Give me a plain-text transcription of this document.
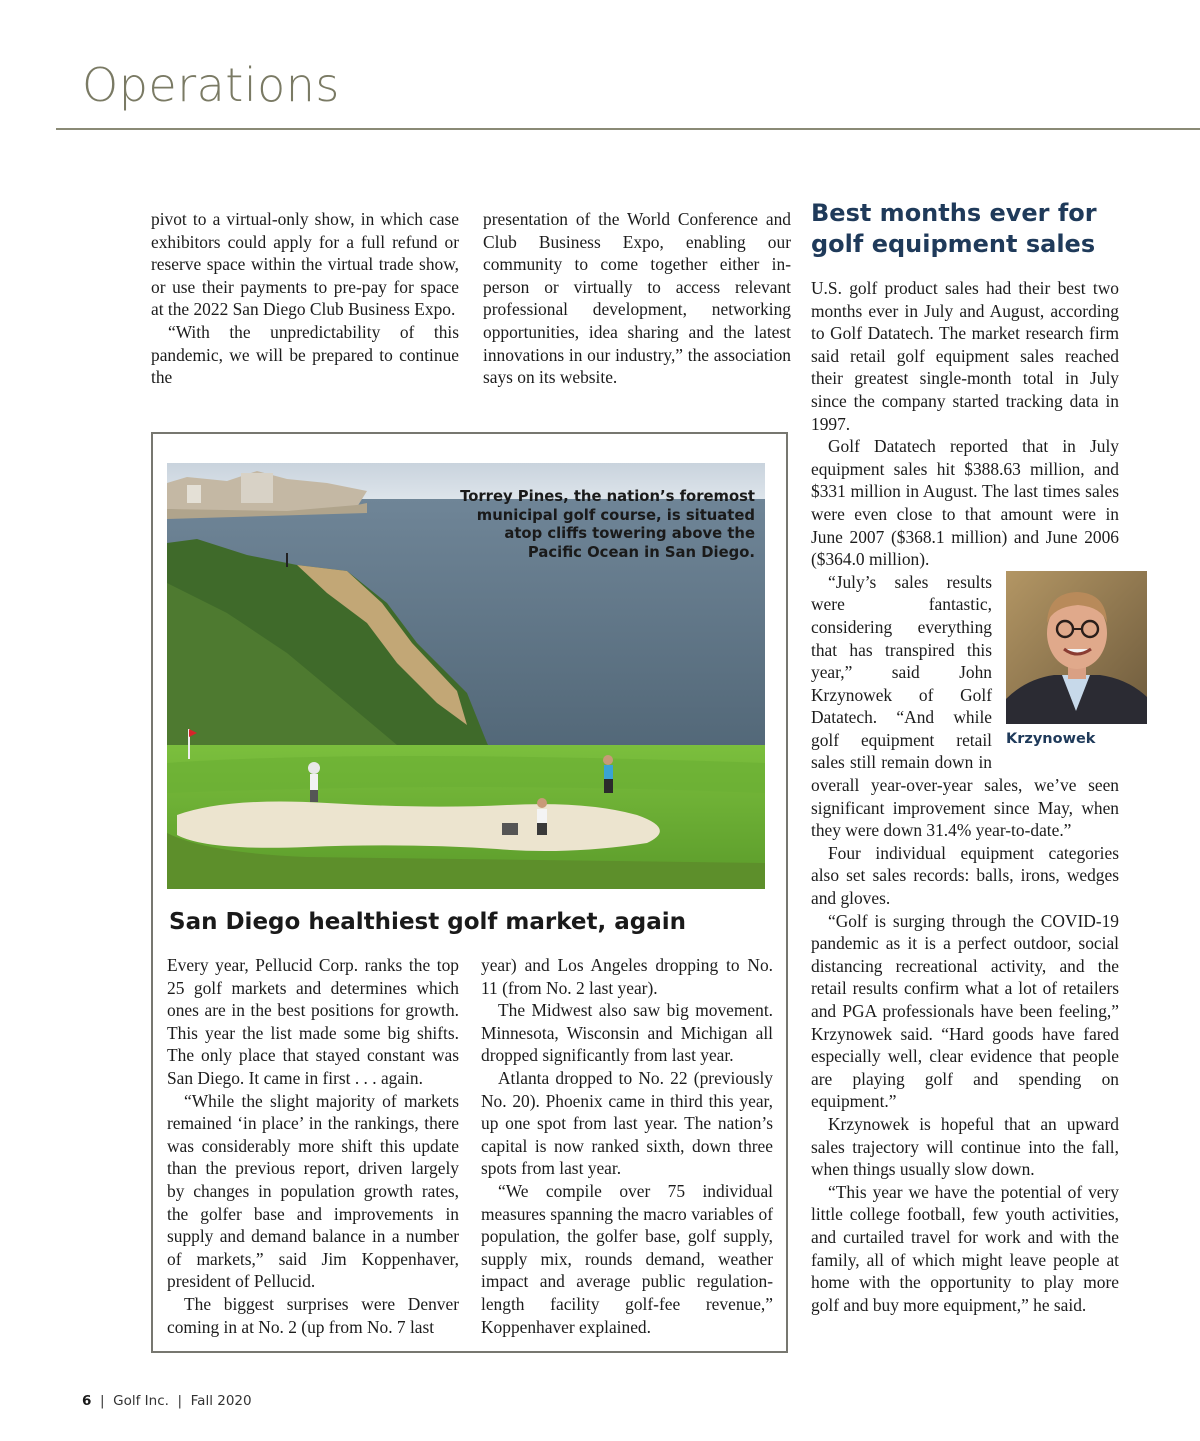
Operations

pivot to a virtual-only show, in which case exhibitors could apply for a full refund or reserve space within the virtual trade show, or use their payments to pre-pay for space at the 2022 San Diego Club Business Expo.

“With the unpredictability of this pandemic, we will be prepared to continue the

presentation of the World Conference and Club Business Expo, enabling our community to come together either in-person or virtually to access relevant professional development, networking opportunities, idea sharing and the latest innovations in our industry,” the association says on its website.

Best months ever for golf equipment sales

U.S. golf product sales had their best two months ever in July and August, according to Golf Datatech. The market research firm said retail golf equipment sales reached their greatest single-month total in July since the company started tracking data in 1997.

Golf Datatech reported that in July equipment sales hit $388.63 million, and $331 million in August. The last times sales were even close to that amount were in June 2007 ($368.1 million) and June 2006 ($364.0 million).

Krzynowek

“July’s sales results were fantastic, considering everything that has transpired this year,” said John Krzynowek of Golf Datatech. “And while golf equipment retail sales still remain down in overall year-over-year sales, we’ve seen significant improvement since May, when they were down 31.4% year-to-date.”

Four individual equipment categories also set sales records: balls, irons, wedges and gloves.

“Golf is surging through the COVID-19 pandemic as it is a perfect outdoor, social distancing recreational activity, and the retail results confirm what a lot of retailers and PGA professionals have been feeling,” Krzynowek said. “Hard goods have fared especially well, clear evidence that people are playing golf and spending on equipment.”

Krzynowek is hopeful that an upward sales trajectory will continue into the fall, when things usually slow down.

“This year we have the potential of very little college football, few youth activities, and curtailed travel for work and with the family, all of which might leave people at home with the opportunity to play more golf and buy more equipment,” he said.

Torrey Pines, the nation’s foremost municipal golf course, is situated atop cliffs towering above the Pacific Ocean in San Diego.
San Diego healthiest golf market, again

Every year, Pellucid Corp. ranks the top 25 golf markets and determines which ones are in the best positions for growth. This year the list made some big shifts. The only place that stayed constant was San Diego. It came in first . . . again.

“While the slight majority of markets remained ‘in place’ in the rankings, there was considerably more shift this update than the previous report, driven largely by changes in population growth rates, the golfer base and improvements in supply and demand balance in a number of markets,” said Jim Koppenhaver, president of Pellucid.

The biggest surprises were Denver coming in at No. 2 (up from No. 7 last

year) and Los Angeles dropping to No. 11 (from No. 2 last year).

The Midwest also saw big movement. Minnesota, Wisconsin and Michigan all dropped significantly from last year.

Atlanta dropped to No. 22 (previously No. 20). Phoenix came in third this year, up one spot from last year. The nation’s capital is now ranked sixth, down three spots from last year.

“We compile over 75 individual measures spanning the macro variables of population, the golfer base, golf supply, supply mix, rounds demand, weather impact and average public regulation-length facility golf-fee revenue,” Koppenhaver explained.

6  |  Golf Inc.  |  Fall 2020
